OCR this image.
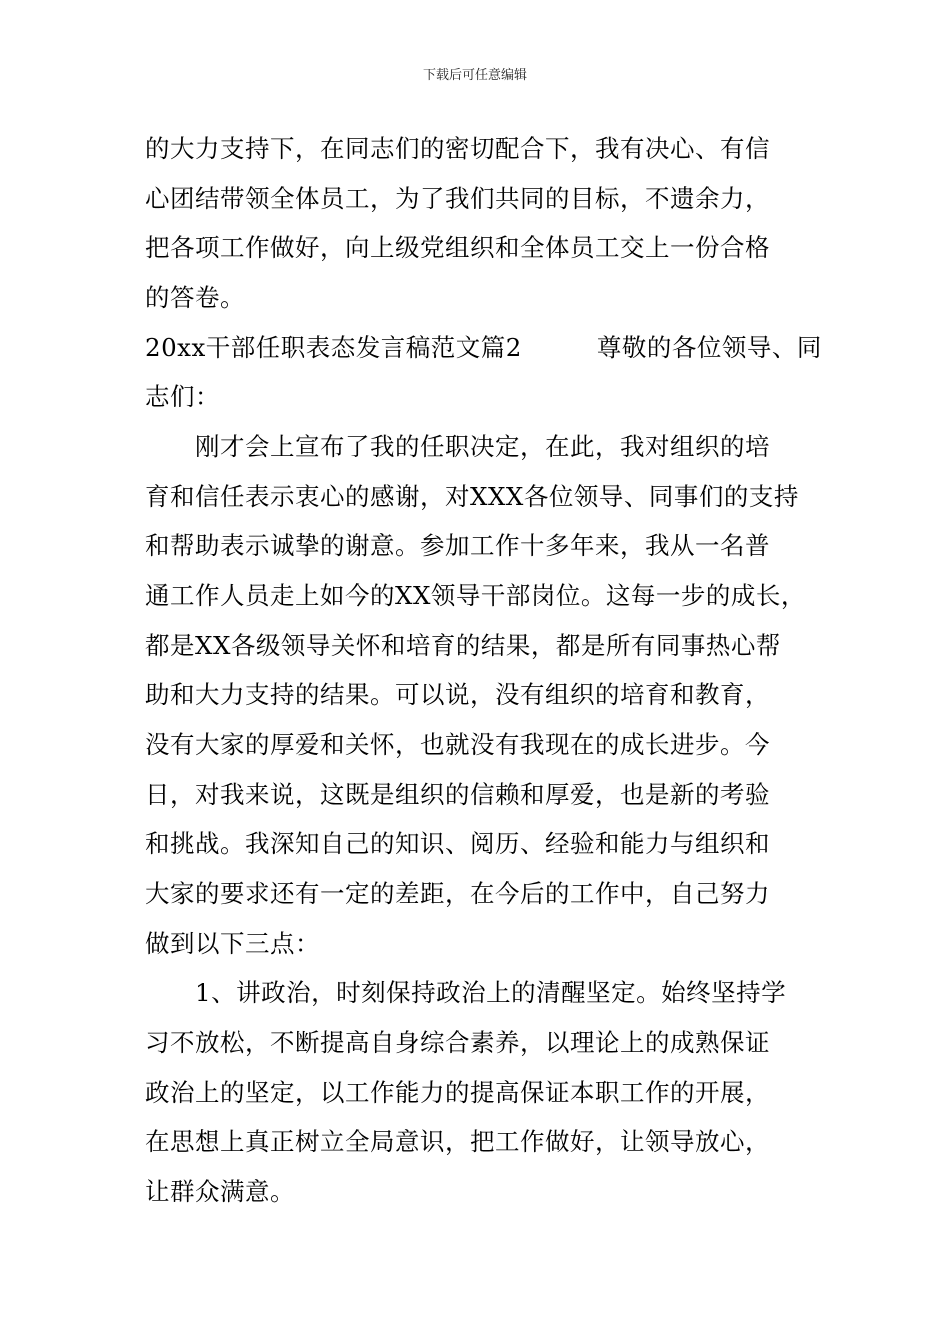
下载后可任意编辑
的大力支持下，在同志们的密切配合下，我有决心、有信
心团结带领全体员工，为了我们共同的目标，不遗余力，
把各项工作做好，向上级党组织和全体员工交上一份合格
的答卷。
20xx干部任职表态发言稿范文篇2　　　尊敬的各位领导、同
志们：
　　刚才会上宣布了我的任职决定，在此，我对组织的培
育和信任表示衷心的感谢，对XXX各位领导、同事们的支持
和帮助表示诚挚的谢意。参加工作十多年来，我从一名普
通工作人员走上如今的XX领导干部岗位。这每一步的成长，
都是XX各级领导关怀和培育的结果，都是所有同事热心帮
助和大力支持的结果。可以说，没有组织的培育和教育，
没有大家的厚爱和关怀，也就没有我现在的成长进步。今
日，对我来说，这既是组织的信赖和厚爱，也是新的考验
和挑战。我深知自己的知识、阅历、经验和能力与组织和
大家的要求还有一定的差距，在今后的工作中，自己努力
做到以下三点：
　　1、讲政治，时刻保持政治上的清醒坚定。始终坚持学
习不放松，不断提高自身综合素养，以理论上的成熟保证
政治上的坚定，以工作能力的提高保证本职工作的开展，
在思想上真正树立全局意识，把工作做好，让领导放心，
让群众满意。
